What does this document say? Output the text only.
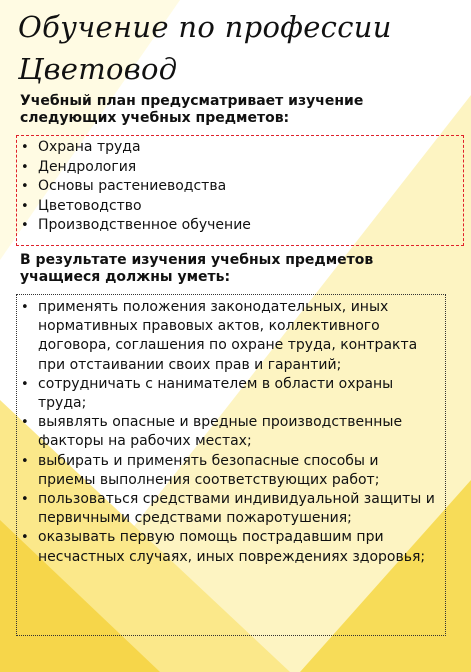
Обучение по профессии Цветовод

Учебный план предусматривает изучение следующих учебных предметов:

• Охрана труда
• Дендрология
• Основы растениеводства
• Цветоводство
• Производственное обучение

В результате изучения учебных предметов учащиеся должны уметь:

• применять положения законодательных, иных нормативных правовых актов, коллективного договора, соглашения по охране труда, контракта при отстаивании своих прав и гарантий;
• сотрудничать с нанимателем в области охраны труда;
• выявлять опасные и вредные производственные факторы на рабочих местах;
• выбирать и применять безопасные способы и приемы выполнения соответствующих работ;
• пользоваться средствами индивидуальной защиты и первичными средствами пожаротушения;
• оказывать первую помощь пострадавшим при несчастных случаях, иных повреждениях здоровья;
